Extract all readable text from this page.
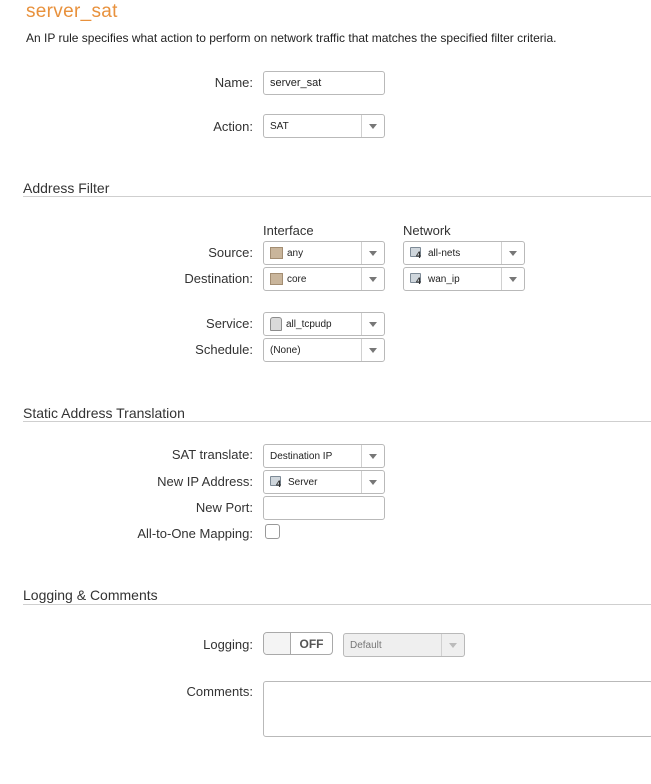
server_sat
An IP rule specifies what action to perform on network traffic that matches the specified filter criteria.
Name:
server_sat
Action:	SAT
Address Filter
Interface	Network
Source:	any	4 all-nets
Destination:	core	4 wan_ip
Service:	all_tcpudp
Schedule:	(None)
Static Address Translation
SAT translate:	Destination IP
New IP Address:	4 Server
New Port:
All-to-One Mapping:
Logging & Comments
Logging:	OFF	Default
Comments:
